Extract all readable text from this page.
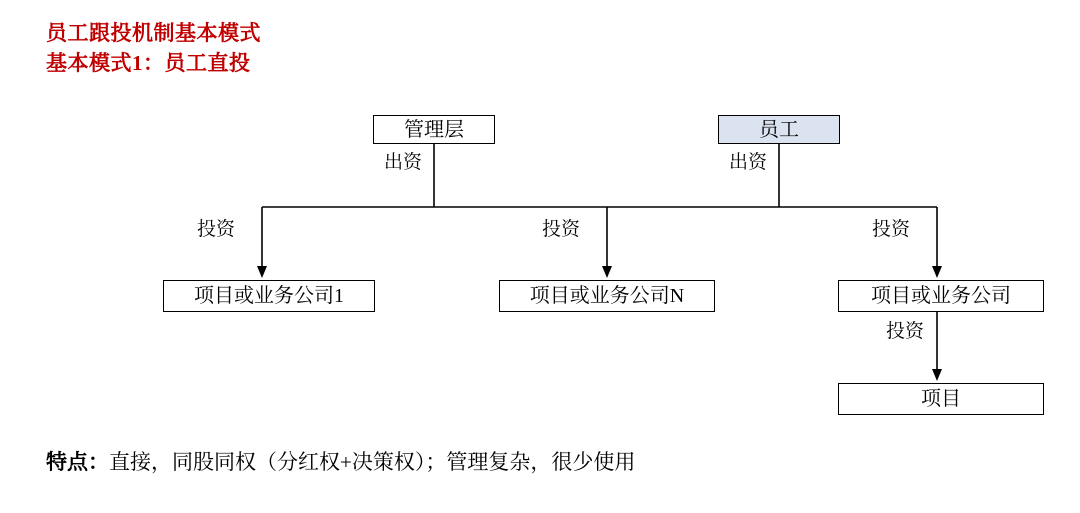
员工跟投机制基本模式
基本模式1：员工直投
管理层	员工
项目或业务公司1	项目或业务公司N	项目或业务公司
项目
出资	出资
投资	投资	投资
投资
特点：直接，同股同权（分红权+决策权）；管理复杂，很少使用
